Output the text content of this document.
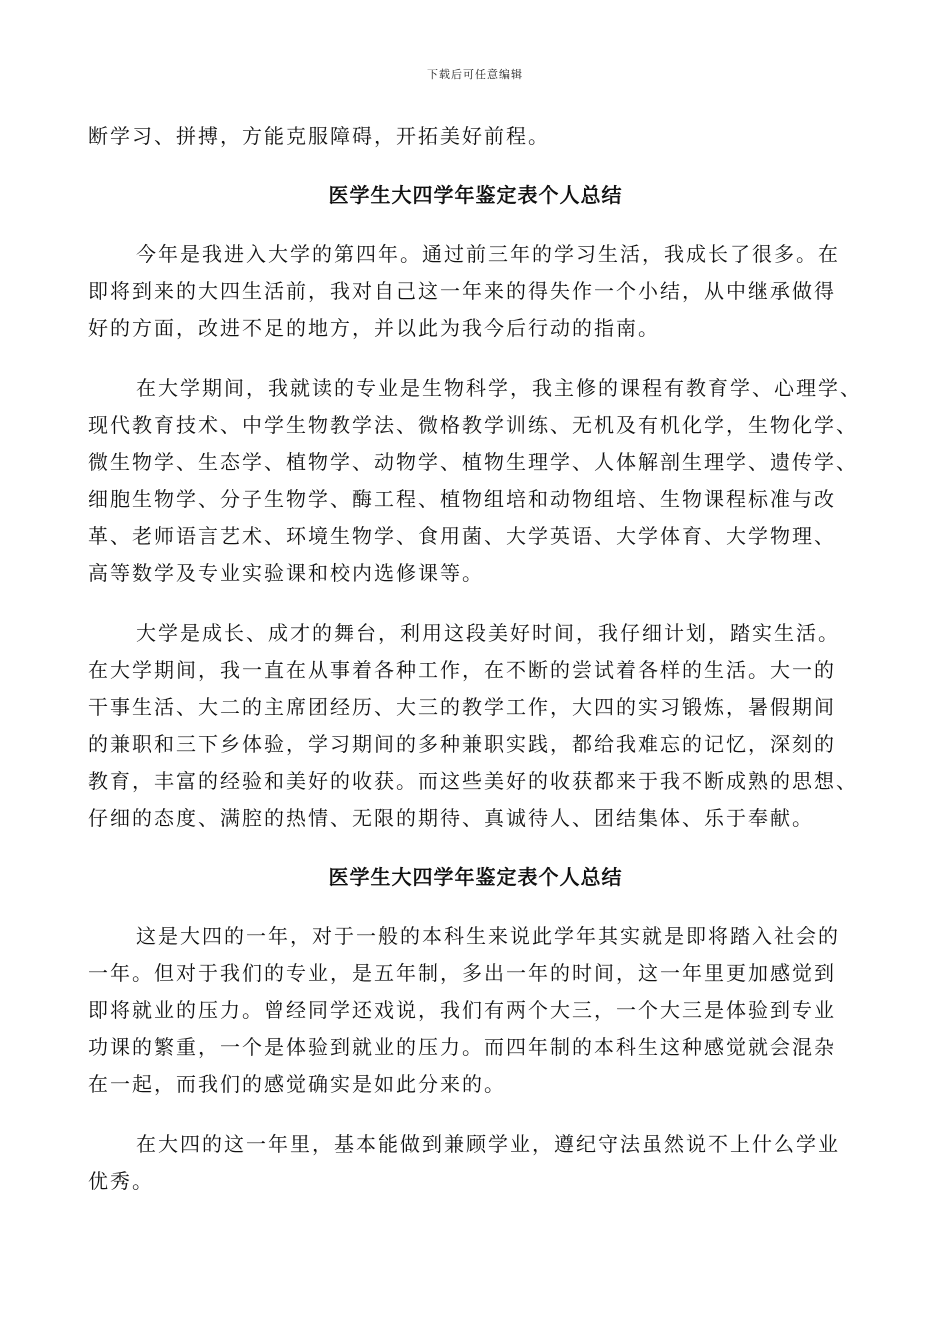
下载后可任意编辑
断学习、拼搏，方能克服障碍，开拓美好前程。
医学生大四学年鉴定表个人总结
今年是我进入大学的第四年。通过前三年的学习生活，我成长了很多。在
即将到来的大四生活前，我对自己这一年来的得失作一个小结，从中继承做得
好的方面，改进不足的地方，并以此为我今后行动的指南。
在大学期间，我就读的专业是生物科学，我主修的课程有教育学、心理学、
现代教育技术、中学生物教学法、微格教学训练、无机及有机化学，生物化学、
微生物学、生态学、植物学、动物学、植物生理学、人体解剖生理学、遗传学、
细胞生物学、分子生物学、酶工程、植物组培和动物组培、生物课程标准与改
革、老师语言艺术、环境生物学、食用菌、大学英语、大学体育、大学物理、
高等数学及专业实验课和校内选修课等。
大学是成长、成才的舞台，利用这段美好时间，我仔细计划，踏实生活。
在大学期间，我一直在从事着各种工作，在不断的尝试着各样的生活。大一的
干事生活、大二的主席团经历、大三的教学工作，大四的实习锻炼，暑假期间
的兼职和三下乡体验，学习期间的多种兼职实践，都给我难忘的记忆，深刻的
教育，丰富的经验和美好的收获。而这些美好的收获都来于我不断成熟的思想、
仔细的态度、满腔的热情、无限的期待、真诚待人、团结集体、乐于奉献。
医学生大四学年鉴定表个人总结
这是大四的一年，对于一般的本科生来说此学年其实就是即将踏入社会的
一年。但对于我们的专业，是五年制，多出一年的时间，这一年里更加感觉到
即将就业的压力。曾经同学还戏说，我们有两个大三，一个大三是体验到专业
功课的繁重，一个是体验到就业的压力。而四年制的本科生这种感觉就会混杂
在一起，而我们的感觉确实是如此分来的。
在大四的这一年里，基本能做到兼顾学业，遵纪守法虽然说不上什么学业
优秀。
